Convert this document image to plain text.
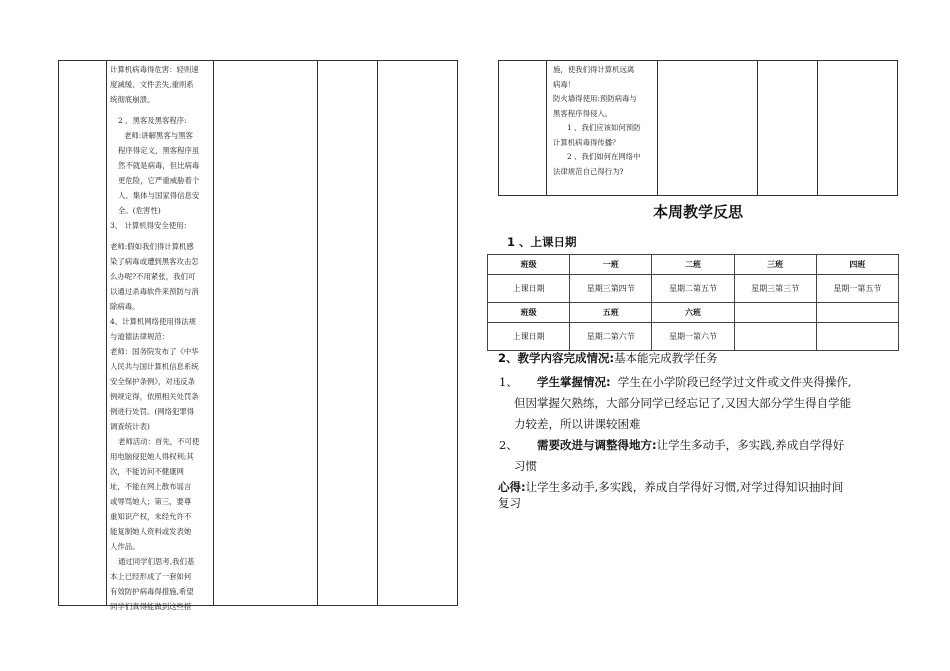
计算机病毒得危害：轻则速

度减缓、文件丢失,重则系

统彻底崩溃。

2 、黑客及黑客程序:

老师:讲解黑客与黑客

程序得定义，黑客程序虽

然不就是病毒，但比病毒

更危险，它严重威胁着个

人、集体与国家得信息安

全。(危害性)

3、 计算机得安全使用：

老师:假如我们得计算机感

染了病毒或遭到黑客攻击怎

么办呢?不用紧张，我们可

以通过杀毒软件来预防与消

除病毒。

4、计算机网络使用得法规

与道德法律规范：

老师：国务院发布了《中华

人民共与国计算机信息系统

安全保护条例》，对违反条

例规定得，依照相关处罚条

例进行处罚。(网络犯罪得

调查统计表)

老师活动：首先，不可使

用电脑侵犯她人得权利;其

次，不能访问不健康网

址，不能在网上散布谣言

或辱骂她人；第三，要尊

重知识产权，未经允许不

能复制她人资料或发表她

人作品。

通过同学们思考,我们基

本上已经形成了一套如何

有效防护病毒得措施,希望

同学们真得能做到这些措

施，使我们得计算机远离

病毒！

防火墙得使用:预防病毒与

黑客程序得侵入。

1 、我们应该如何预防

计算机病毒得传播？

2 、我们如何在网络中

法律规范自己得行为?

本周教学反思
1 、上课日期
班级	一班	二班	三班	四班
上课日期	星期三第四节	星期二第五节	星期三第三节	星期一第五节
班级	五班	六班		
上课日期	星期二第六节	星期一第六节		
2、教学内容完成情况:基本能完成教学任务
1、 学生掌握情况: 学生在小学阶段已经学过文件或文件夹得操作,
但因掌握欠熟练，大部分同学已经忘记了,又因大部分学生得自学能
力较差，所以讲课较困难
2、 需要改进与调整得地方:让学生多动手，多实践,养成自学得好
习惯
心得:让学生多动手,多实践，养成自学得好习惯,对学过得知识抽时间
复习
